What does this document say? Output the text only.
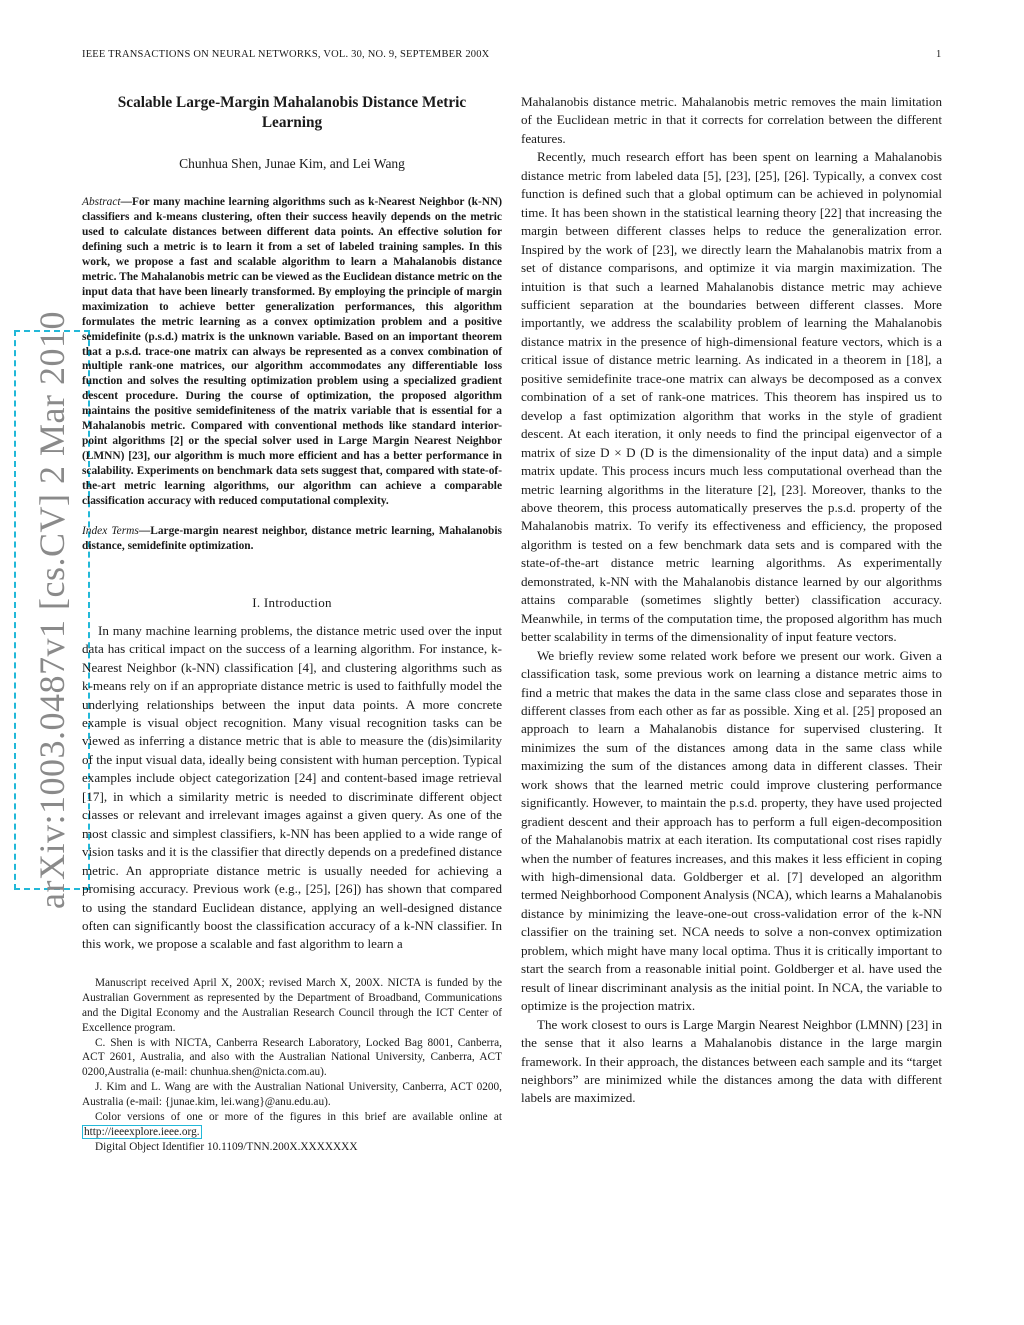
IEEE TRANSACTIONS ON NEURAL NETWORKS, VOL. 30, NO. 9, SEPTEMBER 200X	1
arXiv:1003.0487v1 [cs.CV] 2 Mar 2010
Scalable Large-Margin Mahalanobis Distance Metric Learning
Chunhua Shen, Junae Kim, and Lei Wang
Abstract—For many machine learning algorithms such as k-Nearest Neighbor (k-NN) classifiers and k-means clustering, often their success heavily depends on the metric used to calculate distances between different data points. An effective solution for defining such a metric is to learn it from a set of labeled training samples. In this work, we propose a fast and scalable algorithm to learn a Mahalanobis distance metric. The Mahalanobis metric can be viewed as the Euclidean distance metric on the input data that have been linearly transformed. By employing the principle of margin maximization to achieve better generalization performances, this algorithm formulates the metric learning as a convex optimization problem and a positive semidefinite (p.s.d.) matrix is the unknown variable. Based on an important theorem that a p.s.d. trace-one matrix can always be represented as a convex combination of multiple rank-one matrices, our algorithm accommodates any differentiable loss function and solves the resulting optimization problem using a specialized gradient descent procedure. During the course of optimization, the proposed algorithm maintains the positive semidefiniteness of the matrix variable that is essential for a Mahalanobis metric. Compared with conventional methods like standard interior-point algorithms [2] or the special solver used in Large Margin Nearest Neighbor (LMNN) [23], our algorithm is much more efficient and has a better performance in scalability. Experiments on benchmark data sets suggest that, compared with state-of-the-art metric learning algorithms, our algorithm can achieve a comparable classification accuracy with reduced computational complexity.
Index Terms—Large-margin nearest neighbor, distance metric learning, Mahalanobis distance, semidefinite optimization.
I. Introduction

In many machine learning problems, the distance metric used over the input data has critical impact on the success of a learning algorithm. For instance, k-Nearest Neighbor (k-NN) classification [4], and clustering algorithms such as k-means rely on if an appropriate distance metric is used to faithfully model the underlying relationships between the input data points. A more concrete example is visual object recognition. Many visual recognition tasks can be viewed as inferring a distance metric that is able to measure the (dis)similarity of the input visual data, ideally being consistent with human perception. Typical examples include object categorization [24] and content-based image retrieval [17], in which a similarity metric is needed to discriminate different object classes or relevant and irrelevant images against a given query. As one of the most classic and simplest classifiers, k-NN has been applied to a wide range of vision tasks and it is the classifier that directly depends on a predefined distance metric. An appropriate distance metric is usually needed for achieving a promising accuracy. Previous work (e.g., [25], [26]) has shown that compared to using the standard Euclidean distance, applying an well-designed distance often can significantly boost the classification accuracy of a k-NN classifier. In this work, we propose a scalable and fast algorithm to learn a

Manuscript received April X, 200X; revised March X, 200X. NICTA is funded by the Australian Government as represented by the Department of Broadband, Communications and the Digital Economy and the Australian Research Council through the ICT Center of Excellence program.

C. Shen is with NICTA, Canberra Research Laboratory, Locked Bag 8001, Canberra, ACT 2601, Australia, and also with the Australian National University, Canberra, ACT 0200,Australia (e-mail: chunhua.shen@nicta.com.au).

J. Kim and L. Wang are with the Australian National University, Canberra, ACT 0200, Australia (e-mail: {junae.kim, lei.wang}@anu.edu.au).

Color versions of one or more of the figures in this brief are available online at http://ieeexplore.ieee.org.

Digital Object Identifier 10.1109/TNN.200X.XXXXXXX

Mahalanobis distance metric. Mahalanobis metric removes the main limitation of the Euclidean metric in that it corrects for correlation between the different features.

Recently, much research effort has been spent on learning a Mahalanobis distance metric from labeled data [5], [23], [25], [26]. Typically, a convex cost function is defined such that a global optimum can be achieved in polynomial time. It has been shown in the statistical learning theory [22] that increasing the margin between different classes helps to reduce the generalization error. Inspired by the work of [23], we directly learn the Mahalanobis matrix from a set of distance comparisons, and optimize it via margin maximization. The intuition is that such a learned Mahalanobis distance metric may achieve sufficient separation at the boundaries between different classes. More importantly, we address the scalability problem of learning the Mahalanobis distance matrix in the presence of high-dimensional feature vectors, which is a critical issue of distance metric learning. As indicated in a theorem in [18], a positive semidefinite trace-one matrix can always be decomposed as a convex combination of a set of rank-one matrices. This theorem has inspired us to develop a fast optimization algorithm that works in the style of gradient descent. At each iteration, it only needs to find the principal eigenvector of a matrix of size D × D (D is the dimensionality of the input data) and a simple matrix update. This process incurs much less computational overhead than the metric learning algorithms in the literature [2], [23]. Moreover, thanks to the above theorem, this process automatically preserves the p.s.d. property of the Mahalanobis matrix. To verify its effectiveness and efficiency, the proposed algorithm is tested on a few benchmark data sets and is compared with the state-of-the-art distance metric learning algorithms. As experimentally demonstrated, k-NN with the Mahalanobis distance learned by our algorithms attains comparable (sometimes slightly better) classification accuracy. Meanwhile, in terms of the computation time, the proposed algorithm has much better scalability in terms of the dimensionality of input feature vectors.

We briefly review some related work before we present our work. Given a classification task, some previous work on learning a distance metric aims to find a metric that makes the data in the same class close and separates those in different classes from each other as far as possible. Xing et al. [25] proposed an approach to learn a Mahalanobis distance for supervised clustering. It minimizes the sum of the distances among data in the same class while maximizing the sum of the distances among data in different classes. Their work shows that the learned metric could improve clustering performance significantly. However, to maintain the p.s.d. property, they have used projected gradient descent and their approach has to perform a full eigen-decomposition of the Mahalanobis matrix at each iteration. Its computational cost rises rapidly when the number of features increases, and this makes it less efficient in coping with high-dimensional data. Goldberger et al. [7] developed an algorithm termed Neighborhood Component Analysis (NCA), which learns a Mahalanobis distance by minimizing the leave-one-out cross-validation error of the k-NN classifier on the training set. NCA needs to solve a non-convex optimization problem, which might have many local optima. Thus it is critically important to start the search from a reasonable initial point. Goldberger et al. have used the result of linear discriminant analysis as the initial point. In NCA, the variable to optimize is the projection matrix.

The work closest to ours is Large Margin Nearest Neighbor (LMNN) [23] in the sense that it also learns a Mahalanobis distance in the large margin framework. In their approach, the distances between each sample and its “target neighbors” are minimized while the distances among the data with different labels are maximized.
